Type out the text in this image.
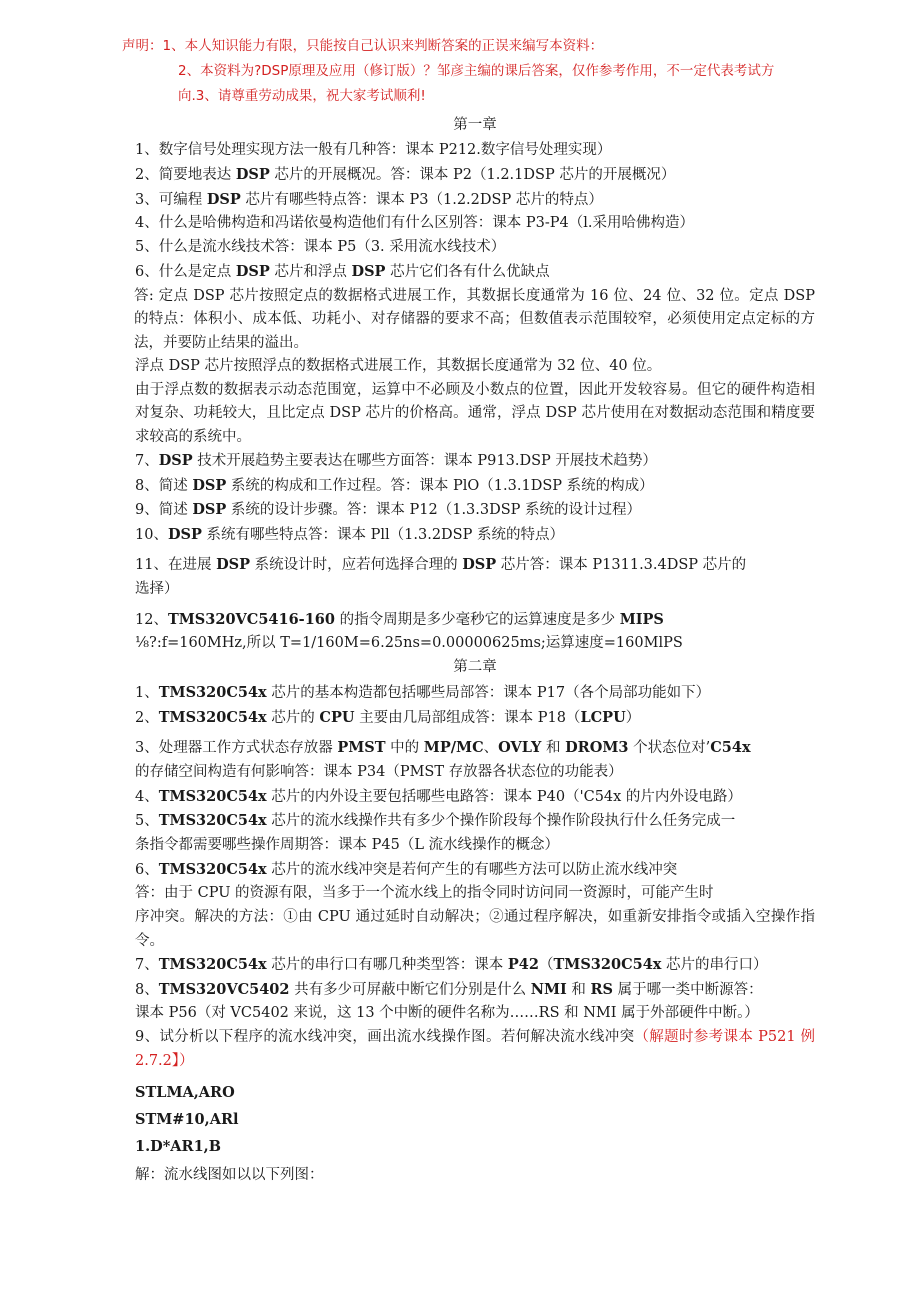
声明：1、本人知识能力有限，只能按自己认识来判断答案的正误来编写本资料：
2、本资料为?DSP原理及应用（修订版）？邹彦主编的课后答案，仅作参考作用，不一定代表考试方
向.3、请尊重劳动成果，祝大家考试顺利!
第一章

1、数字信号处理实现方法一般有几种答：课本 P212.数字信号处理实现）

2、简要地表达 DSP 芯片的开展概况。答：课本 P2（1.2.1DSP 芯片的开展概况）

3、可编程 DSP 芯片有哪些特点答：课本 P3（1.2.2DSP 芯片的特点）

4、什么是哈佛构造和冯诺依曼构造他们有什么区别答：课本 P3-P4（l.采用哈佛构造）

5、什么是流水线技术答：课本 P5（3. 采用流水线技术）

6、什么是定点 DSP 芯片和浮点 DSP 芯片它们各有什么优缺点

答: 定点 DSP 芯片按照定点的数据格式进展工作，其数据长度通常为 16 位、24 位、32 位。定点 DSP 的特点：体积小、成本低、功耗小、对存储器的要求不高；但数值表示范围较窄，必须使用定点定标的方法，并要防止结果的溢出。

浮点 DSP 芯片按照浮点的数据格式进展工作，其数据长度通常为 32 位、40 位。

由于浮点数的数据表示动态范围宽，运算中不必顾及小数点的位置，因此开发较容易。但它的硬件构造相对复杂、功耗较大，且比定点 DSP 芯片的价格高。通常，浮点 DSP 芯片使用在对数据动态范围和精度要求较高的系统中。

7、DSP 技术开展趋势主要表达在哪些方面答：课本 P913.DSP 开展技术趋势）

8、简述 DSP 系统的构成和工作过程。答：课本 PlO（1.3.1DSP 系统的构成）

9、简述 DSP 系统的设计步骤。答：课本 P12（1.3.3DSP 系统的设计过程）

10、DSP 系统有哪些特点答：课本 Pll（1.3.2DSP 系统的特点）

11、在进展 DSP 系统设计时，应若何选择合理的 DSP 芯片答：课本 P1311.3.4DSP 芯片的

选择）

12、TMS320VC5416-160 的指令周期是多少毫秒它的运算速度是多少 MIPS

⅛?:f=160MHz,所以 T=1/160M=6.25ns=0.00000625ms;运算速度=160MlPS

第二章

1、TMS320C54x 芯片的基本构造都包括哪些局部答：课本 P17（各个局部功能如下）

2、TMS320C54x 芯片的 CPU 主要由几局部组成答：课本 P18（LCPU）

3、处理器工作方式状态存放器 PMST 中的 MP/MC、OVLY 和 DROM3 个状态位对’C54x

的存储空间构造有何影响答：课本 P34（PMST 存放器各状态位的功能表）

4、TMS320C54x 芯片的内外设主要包括哪些电路答：课本 P40（'C54x 的片内外设电路）

5、TMS320C54x 芯片的流水线操作共有多少个操作阶段每个操作阶段执行什么任务完成一

条指令都需要哪些操作周期答：课本 P45（L 流水线操作的概念）

6、TMS320C54x 芯片的流水线冲突是若何产生的有哪些方法可以防止流水线冲突

答：由于 CPU 的资源有限，当多于一个流水线上的指令同时访问同一资源时，可能产生时

序冲突。解决的方法：①由 CPU 通过延时自动解决；②通过程序解决，如重新安排指令或插入空操作指令。

7、TMS320C54x 芯片的串行口有哪几种类型答：课本 P42（TMS320C54x 芯片的串行口）

8、TMS320VC5402 共有多少可屏蔽中断它们分别是什么 NMI 和 RS 属于哪一类中断源答：

课本 P56（对 VC5402 来说，这 13 个中断的硬件名称为……RS 和 NMI 属于外部硬件中断。）

9、试分析以下程序的流水线冲突，画出流水线操作图。若何解决流水线冲突（解题时参考课本 P521 例 2.7.2】）

STLMA,ARO

STM#10,ARl

1.D*AR1,B

解：流水线图如以以下列图：
